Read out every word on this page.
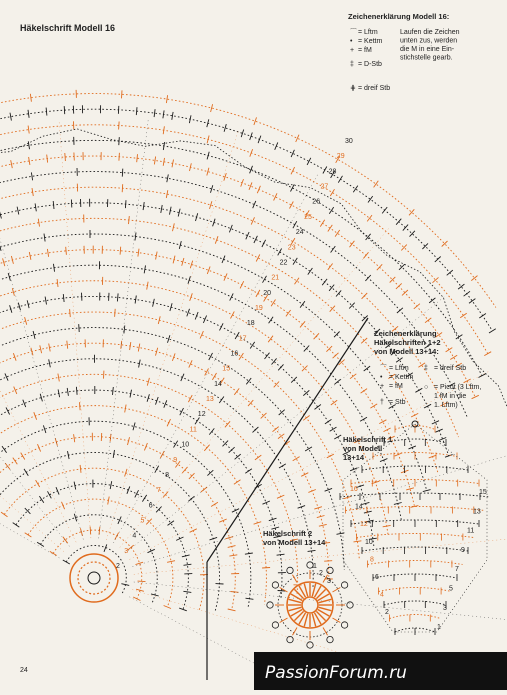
Häkelschrift Modell 16
2
3
4
5
6
7
8
9
10
11
12
13
14
15
16
17
18
19
20
21
22
23
24
25
26
27
28
29
30
Zeichenerklärung Modell 16:
⌒ = Lftm
• = Kettm
+ = fM
‡ = D-Stb
⋕ = dreif Stb
Laufen die Zeichen
unten zus, werden
die M in eine Ein-
stichstelle gearb.
Zeichenerklärung
Häkelschriften 1+2
von Modell 13+14:
⌒ = Lftm
• = Kettm
+ = fM
† = Stb
‡ = dreif Stb
○ = Picot (3 Lftm,
1 fM in die
1. Lftm)
Häkelschrift 1
von Modell
13+14
16
14
12
10
8
6
4
2
15
13
11
9
7
5
3
1
Häkelschrift 2
von Modell 13+14
1
2
3
24	PassionForum.ru
